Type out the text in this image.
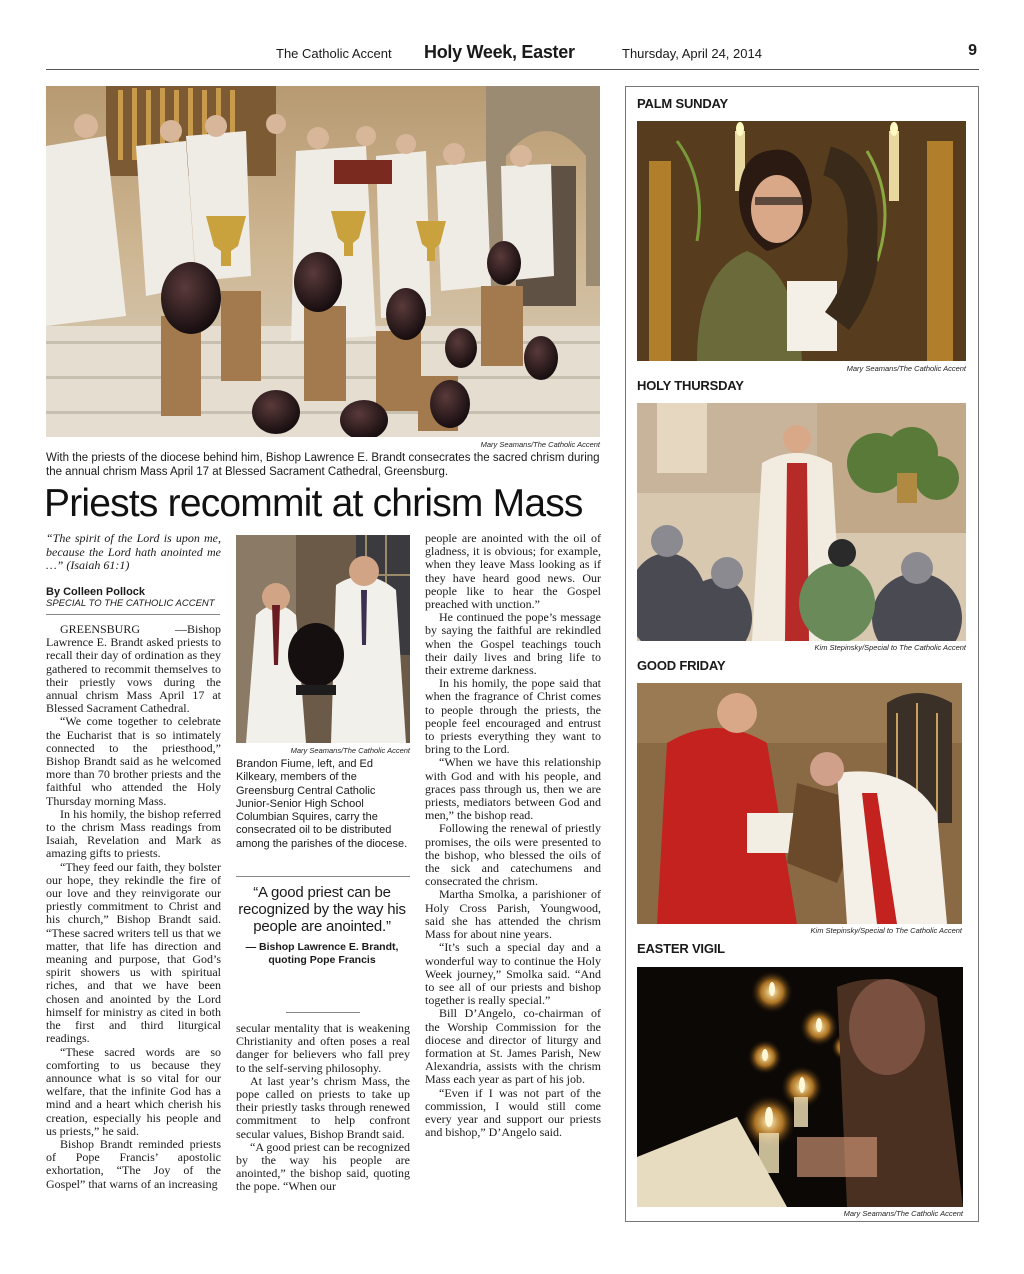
The Catholic Accent Holy Week, Easter	Thursday, April 24, 2014	9
Mary Seamans/The Catholic Accent
With the priests of the diocese behind him, Bishop Lawrence E. Brandt consecrates the sacred chrism during the annual chrism Mass April 17 at Blessed Sacrament Cathedral, Greensburg.
Priests recommit at chrism Mass
“The spirit of the Lord is upon me, because the Lord hath anointed me …” (Isaiah 61:1)
By Colleen Pollock
SPECIAL TO THE CATHOLIC ACCENT

GREENSBURG —Bishop Lawrence E. Brandt asked priests to recall their day of ordination as they gathered to recommit themselves to their priestly vows during the annual chrism Mass April 17 at Blessed Sacrament Cathedral.

“We come together to celebrate the Eucharist that is so intimately connected to the priesthood,” Bishop Brandt said as he welcomed more than 70 brother priests and the faithful who attended the Holy Thursday morning Mass.

In his homily, the bishop referred to the chrism Mass readings from Isaiah, Revelation and Mark as amazing gifts to priests.

“They feed our faith, they bolster our hope, they rekindle the fire of our love and they reinvigorate our priestly commitment to Christ and his church,” Bishop Brandt said. “These sacred writers tell us that we matter, that life has direction and meaning and purpose, that God’s spirit showers us with spiritual riches, and that we have been chosen and anointed by the Lord himself for ministry as cited in both the first and third liturgical readings.

“These sacred words are so comforting to us because they announce what is so vital for our welfare, that the infinite God has a mind and a heart which cherish his creation, especially his people and us priests,” he said.

Bishop Brandt reminded priests of Pope Francis’ apostolic exhortation, “The Joy of the Gospel” that warns of an increasing

Mary Seamans/The Catholic Accent
Brandon Fiume, left, and Ed Kilkeary, members of the Greensburg Central Catholic Junior-Senior High School Columbian Squires, carry the consecrated oil to be distributed among the parishes of the diocese.
“A good priest can be recognized by the way his people are anointed.”
— Bishop Lawrence E. Brandt, quoting Pope Francis

secular mentality that is weakening Christianity and often poses a real danger for believers who fall prey to the self-serving philosophy.

At last year’s chrism Mass, the pope called on priests to take up their priestly tasks through renewed commitment to help confront secular values, Bishop Brandt said.

“A good priest can be recognized by the way his people are anointed,” the bishop said, quoting the pope. “When our

people are anointed with the oil of gladness, it is obvious; for example, when they leave Mass looking as if they have heard good news. Our people like to hear the Gospel preached with unction.”

He continued the pope’s message by saying the faithful are rekindled when the Gospel teachings touch their daily lives and bring life to their extreme darkness.

In his homily, the pope said that when the fragrance of Christ comes to people through the priests, the people feel encouraged and entrust to priests everything they want to bring to the Lord.

“When we have this relationship with God and with his people, and graces pass through us, then we are priests, mediators between God and men,” the bishop read.

Following the renewal of priestly promises, the oils were presented to the bishop, who blessed the oils of the sick and catechumens and consecrated the chrism.

Martha Smolka, a parishioner of Holy Cross Parish, Youngwood, said she has attended the chrism Mass for about nine years.

“It’s such a special day and a wonderful way to continue the Holy Week journey,” Smolka said. “And to see all of our priests and bishop together is really special.”

Bill D’Angelo, co-chairman of the Worship Commission for the diocese and director of liturgy and formation at St. James Parish, New Alexandria, assists with the chrism Mass each year as part of his job.

“Even if I was not part of the commission, I would still come every year and support our priests and bishop,” D’Angelo said.

PALM SUNDAY
Mary Seamans/The Catholic Accent
HOLY THURSDAY
Kim Stepinsky/Special to The Catholic Accent
GOOD FRIDAY
Kim Stepinsky/Special to The Catholic Accent
EASTER VIGIL
Mary Seamans/The Catholic Accent
